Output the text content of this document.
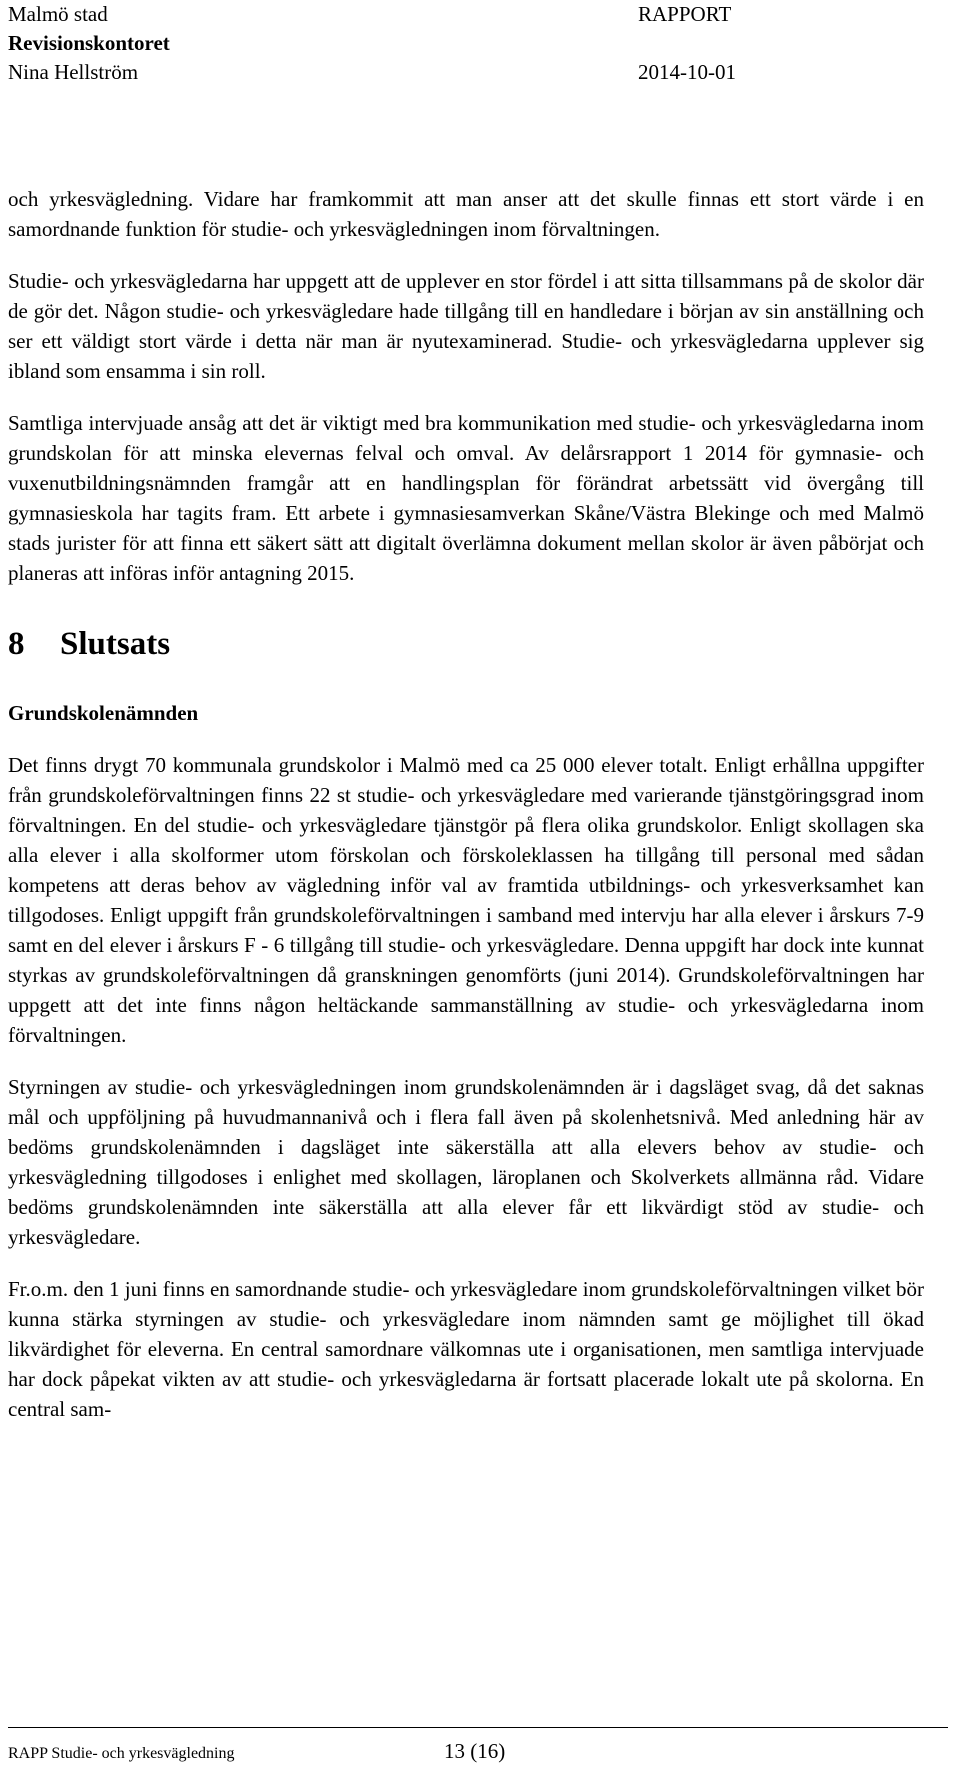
Malmö stad	RAPPORT
Revisionskontoret
Nina Hellström	2014-10-01

och yrkesvägledning. Vidare har framkommit att man anser att det skulle finnas ett stort värde i en samordnande funktion för studie- och yrkesvägledningen inom förvaltningen.

Studie- och yrkesvägledarna har uppgett att de upplever en stor fördel i att sitta tillsammans på de skolor där de gör det. Någon studie- och yrkesvägledare hade tillgång till en handledare i början av sin anställning och ser ett väldigt stort värde i detta när man är nyutexaminerad. Studie- och yrkesvägledarna upplever sig ibland som ensamma i sin roll.

Samtliga intervjuade ansåg att det är viktigt med bra kommunikation med studie- och yrkesvägledarna inom grundskolan för att minska elevernas felval och omval. Av delårsrapport 1 2014 för gymnasie- och vuxenutbildningsnämnden framgår att en handlingsplan för förändrat arbetssätt vid övergång till gymnasieskola har tagits fram. Ett arbete i gymnasiesamverkan Skåne/Västra Blekinge och med Malmö stads jurister för att finna ett säkert sätt att digitalt överlämna dokument mellan skolor är även påbörjat och planeras att införas inför antagning 2015.

8 Slutsats
Grundskolenämnden

Det finns drygt 70 kommunala grundskolor i Malmö med ca 25 000 elever totalt. Enligt erhållna uppgifter från grundskoleförvaltningen finns 22 st studie- och yrkesvägledare med varierande tjänstgöringsgrad inom förvaltningen. En del studie- och yrkesvägledare tjänstgör på flera olika grundskolor. Enligt skollagen ska alla elever i alla skolformer utom förskolan och förskoleklassen ha tillgång till personal med sådan kompetens att deras behov av vägledning inför val av framtida utbildnings- och yrkesverksamhet kan tillgodoses. Enligt uppgift från grundskoleförvaltningen i samband med intervju har alla elever i årskurs 7-9 samt en del elever i årskurs F - 6 tillgång till studie- och yrkesvägledare. Denna uppgift har dock inte kunnat styrkas av grundskoleförvaltningen då granskningen genomförts (juni 2014). Grundskoleförvaltningen har uppgett att det inte finns någon heltäckande sammanställning av studie- och yrkesvägledarna inom förvaltningen.

Styrningen av studie- och yrkesvägledningen inom grundskolenämnden är i dagsläget svag, då det saknas mål och uppföljning på huvudmannanivå och i flera fall även på skolenhetsnivå. Med anledning här av bedöms grundskolenämnden i dagsläget inte säkerställa att alla elevers behov av studie- och yrkesvägledning tillgodoses i enlighet med skollagen, läroplanen och Skolverkets allmänna råd. Vidare bedöms grundskolenämnden inte säkerställa att alla elever får ett likvärdigt stöd av studie- och yrkesvägledare.

Fr.o.m. den 1 juni finns en samordnande studie- och yrkesvägledare inom grundskoleförvaltningen vilket bör kunna stärka styrningen av studie- och yrkesvägledare inom nämnden samt ge möjlighet till ökad likvärdighet för eleverna. En central samordnare välkomnas ute i organisationen, men samtliga intervjuade har dock påpekat vikten av att studie- och yrkesvägledarna är fortsatt placerade lokalt ute på skolorna. En central sam-

RAPP Studie- och yrkesvägledning	13 (16)
